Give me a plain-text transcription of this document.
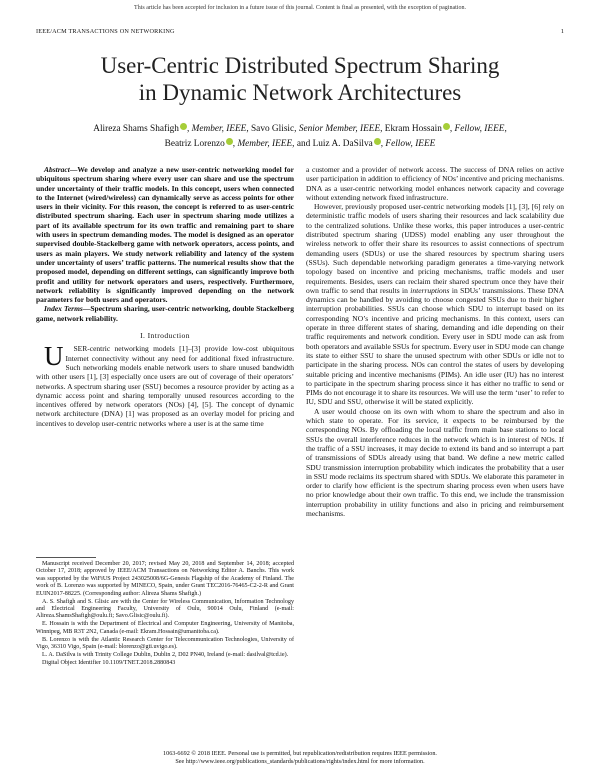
This article has been accepted for inclusion in a future issue of this journal. Content is final as presented, with the exception of pagination.
IEEE/ACM TRANSACTIONS ON NETWORKING	1
User-Centric Distributed Spectrum Sharing
in Dynamic Network Architectures
Alireza Shams Shafigh , Member, IEEE, Savo Glisic, Senior Member, IEEE, Ekram Hossain , Fellow, IEEE,
Beatriz Lorenzo , Member, IEEE, and Luiz A. DaSilva , Fellow, IEEE

Abstract—We develop and analyze a new user-centric networking model for ubiquitous spectrum sharing where every user can share and use the spectrum under uncertainty of their traffic models. In this concept, users when connected to the Internet (wired/wireless) can dynamically serve as access points for other users in their vicinity. For this reason, the concept is referred to as user-centric distributed spectrum sharing. Each user in spectrum sharing mode utilizes a part of its available spectrum for its own traffic and remaining part to share with users in spectrum demanding modes. The model is designed as an operator supervised double-Stackelberg game with network operators, access points, and users as main players. We study network reliability and latency of the system under uncertainty of users’ traffic patterns. The numerical results show that the proposed model, depending on different settings, can significantly improve both profit and utility for network operators and users, respectively. Furthermore, network reliability is significantly improved depending on the network parameters for both users and operators.

Index Terms—Spectrum sharing, user-centric networking, double Stackelberg game, network reliability.

I. Introduction

U SER-centric networking models [1]–[3] provide low-cost ubiquitous Internet connectivity without any need for additional fixed infrastructure. Such networking models enable network users to share unused bandwidth with other users [1], [3] especially once users are out of coverage of their operators’ networks. A spectrum sharing user (SSU) becomes a resource provider by acting as a dynamic access point and sharing temporally unused resources according to the incentives offered by network operators (NOs) [4], [5]. The concept of dynamic network architecture (DNA) [1] was proposed as an overlay model for pricing and incentives to develop user-centric networks where a user is at the same time

Manuscript received December 20, 2017; revised May 20, 2018 and September 14, 2018; accepted October 17, 2018; approved by IEEE/ACM Transactions on Networking Editor A. Banchs. This work was supported by the WiFiUS Project 243025008/6G-Genesis Flagship of the Academy of Finland. The work of B. Lorenzo was supported by MINECO, Spain, under Grant TEC2016-76465-C2-2-R and Grant EUIN2017-88225. (Corresponding author: Alireza Shams Shafigh.)

A. S. Shafigh and S. Glisic are with the Center for Wireless Communication, Information Technology and Electrical Engineering Faculty, University of Oulu, 90014 Oulu, Finland (e-mail: Alireza.ShamsShafigh@oulu.fi; Savo.Glisic@oulu.fi).

E. Hossain is with the Department of Electrical and Computer Engineering, University of Manitoba, Winnipeg, MB R3T 2N2, Canada (e-mail: Ekram.Hossain@umanitoba.ca).

B. Lorenzo is with the Atlantic Research Center for Telecommunication Technologies, University of Vigo, 36310 Vigo, Spain (e-mail: blorenzo@gti.uvigo.es).

L. A. DaSilva is with Trinity College Dublin, Dublin 2, D02 PN40, Ireland (e-mail: dasilval@tcd.ie).

Digital Object Identifier 10.1109/TNET.2018.2880843

a customer and a provider of network access. The success of DNA relies on active user participation in addition to efficiency of NOs’ incentive and pricing mechanisms. DNA as a user-centric networking model enhances network capacity and coverage without extending network fixed infrastructure.

However, previously proposed user-centric networking models [1], [3], [6] rely on deterministic traffic models of users sharing their resources and lack scalability due to the centralized solutions. Unlike these works, this paper introduces a user-centric distributed spectrum sharing (UDSS) model enabling any user throughout the wireless network to offer their share its resources to assist connections of spectrum demanding users (SDUs) or use the shared resources by spectrum sharing users (SSUs). Such dependable networking paradigm generates a time-varying network topology based on incentive and pricing mechanisms, traffic models and user requirements. Besides, users can reclaim their shared spectrum once they have their own traffic to send that results in interruptions in SDUs’ transmissions. These DNA dynamics can be handled by avoiding to choose congested SSUs due to their higher interruption probabilities. SSUs can choose which SDU to interrupt based on its corresponding NO’s incentive and pricing mechanisms. In this context, users can operate in three different states of sharing, demanding and idle depending on their traffic requirements and network condition. Every user in SDU mode can ask from both operators and available SSUs for spectrum. Every user in SDU mode can change its state to either SSU to share the unused spectrum with other SDUs or idle not to participate in the sharing process. NOs can control the states of users by developing suitable pricing and incentive mechanisms (PIMs). An idle user (IU) has no interest to participate in the spectrum sharing process since it has either no traffic to send or PIMs do not encourage it to share its resources. We will use the term ‘user’ to refer to IU, SDU and SSU, otherwise it will be stated explicitly.

A user would choose on its own with whom to share the spectrum and also in which state to operate. For its service, it expects to be reimbursed by the corresponding NOs. By offloading the local traffic from main base stations to local SSUs the overall interference reduces in the network which is in interest of NOs. If the traffic of a SSU increases, it may decide to extend its band and so interrupt a part of transmissions of SDUs already using that band. We define a new metric called SDU transmission interruption probability which indicates the probability that a user in SSU mode reclaims its spectrum shared with SDUs. We elaborate this parameter in order to clarify how efficient is the spectrum sharing process even when users have no prior knowledge about their own traffic. To this end, we include the transmission interruption probability in utility functions and also in pricing and reimbursement mechanisms.

1063-6692 © 2018 IEEE. Personal use is permitted, but republication/redistribution requires IEEE permission.
See http://www.ieee.org/publications_standards/publications/rights/index.html for more information.
